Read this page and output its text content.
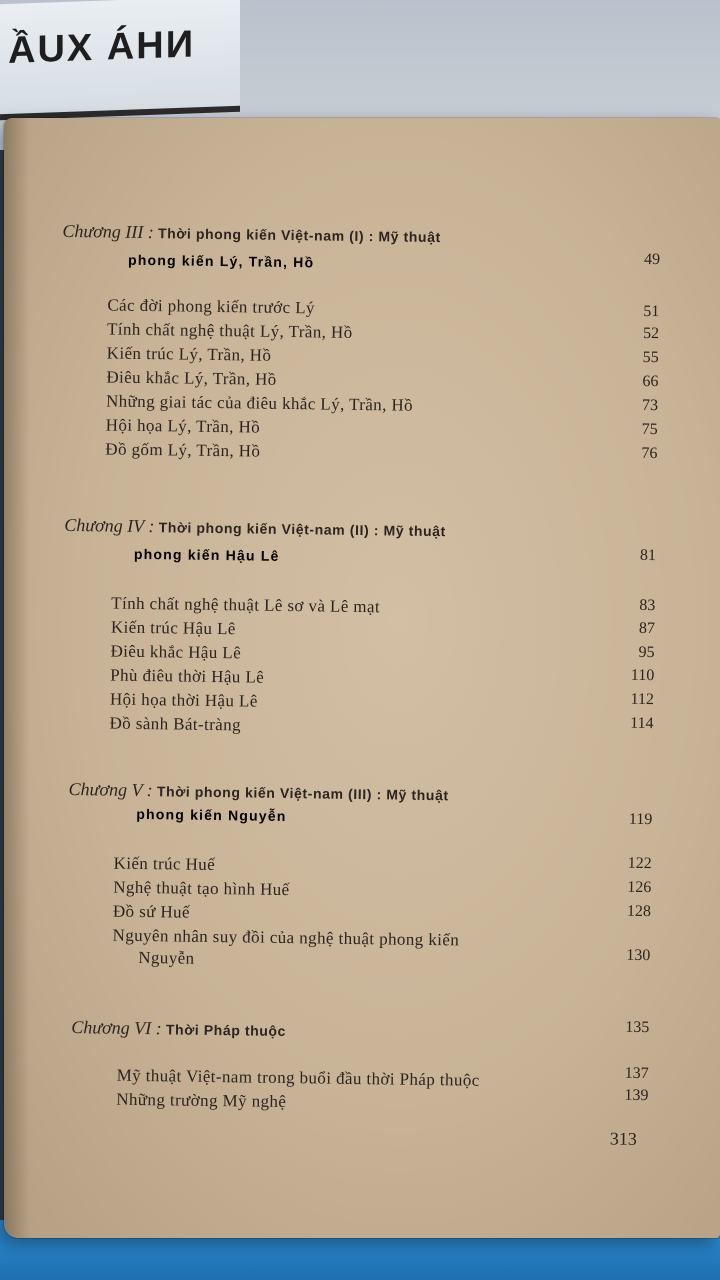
NHÀ XUẤ
Chương III : Thời phong kiến Việt-nam (I) : Mỹ thuật
phong kiến Lý, Trần, Hồ	49
Các đời phong kiến trước Lý	51
Tính chất nghệ thuật Lý, Trần, Hồ	52
Kiến trúc Lý, Trần, Hồ	55
Điêu khắc Lý, Trần, Hồ	66
Những giai tác của điêu khắc Lý, Trần, Hồ	73
Hội họa Lý, Trần, Hồ	75
Đồ gốm Lý, Trần, Hồ	76
Chương IV : Thời phong kiến Việt-nam (II) : Mỹ thuật
phong kiến Hậu Lê	81
Tính chất nghệ thuật Lê sơ và Lê mạt	83
Kiến trúc Hậu Lê	87
Điêu khắc Hậu Lê	95
Phù điêu thời Hậu Lê	110
Hội họa thời Hậu Lê	112
Đồ sành Bát-tràng	114
Chương V : Thời phong kiến Việt-nam (III) : Mỹ thuật
phong kiến Nguyễn	119
Kiến trúc Huế	122
Nghệ thuật tạo hình Huế	126
Đồ sứ Huế	128
Nguyên nhân suy đồi của nghệ thuật phong kiến
Nguyễn	130
Chương VI : Thời Pháp thuộc	135
Mỹ thuật Việt-nam trong buổi đầu thời Pháp thuộc	137
Những trường Mỹ nghệ	139
313
